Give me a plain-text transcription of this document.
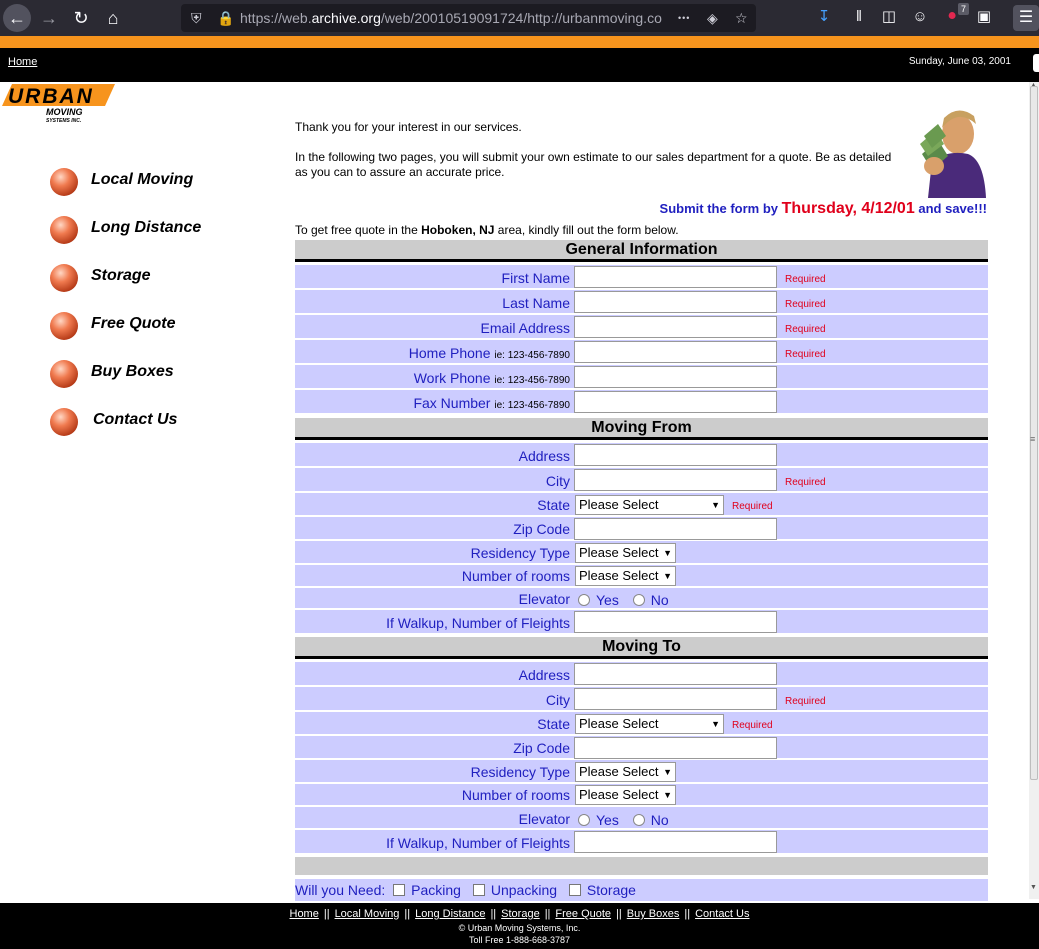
← → ↻	⌂	⛨ 🔒 https://web.archive.org/web/20010519091724/http://urbanmoving.co	••• ◈ ☆	↧	‖	◫ ☺	⚫ 7 ▣	☰
Home	Sunday, June 03, 2001
URBAN
MOVING
SYSTEMS INC.
Local Moving
Long Distance
Storage
Free Quote
Buy Boxes
Contact Us
≡
▼

Thank you for your interest in our services.

In the following two pages, you will submit your own estimate to our sales department for a quote. Be as detailed as you can to assure an accurate price.

Submit the form by Thursday, 4/12/01 and save!!!
To get free quote in the Hoboken, NJ area, kindly fill out the form below.
General Information
First Name	Required
Last Name	Required
Email Address	Required
Home Phone ie: 123-456-7890	Required
Work Phone ie: 123-456-7890
Fax Number ie: 123-456-7890
Moving From
Address
City	Required
State Please Select	▼ Required
Zip Code
Residency Type Please Select ▼
Number of rooms Please Select ▼
Elevator	Yes No
If Walkup, Number of Fleights
Moving To
Address
City	Required
State Please Select	▼ Required
Zip Code
Residency Type Please Select ▼
Number of rooms Please Select ▼
Elevator	Yes No
If Walkup, Number of Fleights
Will you Need: Packing Unpacking Storage
Home || Local Moving || Long Distance || Storage || Free Quote || Buy Boxes || Contact Us
© Urban Moving Systems, Inc.
Toll Free 1-888-668-3787
